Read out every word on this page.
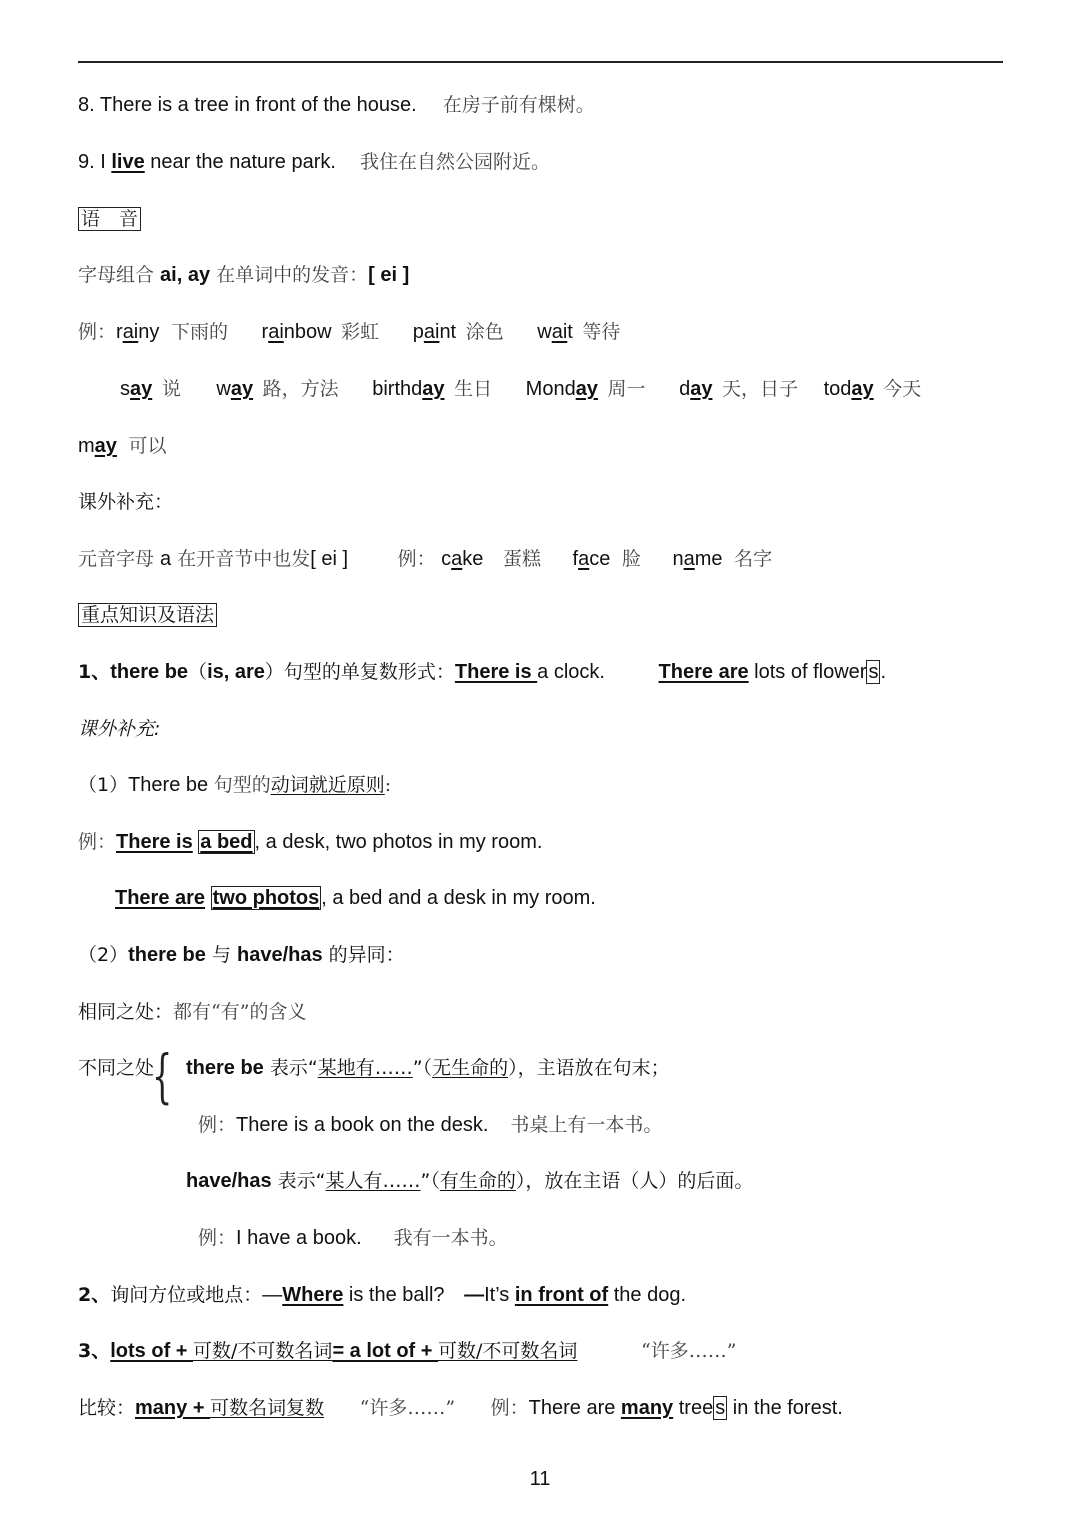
8. There is a tree in front of the house. 在房子前有棵树。
9. I live near the nature park. 我住在自然公园附近。
语　音
字母组合 ai, ay 在单词中的发音：[ ei ]
例：rainy 下雨的 rainbow 彩虹 paint 涂色 wait 等待
say 说 way 路，方法 birthday 生日 Monday 周一 day 天，日子 today 今天
may 可以
课外补充：
元音字母 a 在开音节中也发[ ei ]	例： cake 蛋糕 face 脸 name 名字
重点知识及语法
1、there be（is, are）句型的单复数形式：There is a clock.	There are lots of flower s .
课外补充:
（1）There be 句型的动词就近原则:
例：There is a bed , a desk, two photos in my room.
There are two photos , a bed and a desk in my room.
（2）there be 与 have/has 的异同：
相同之处：都有“有”的含义
不同之处
{ there be 表示“某地有……”（无生命的），主语放在句末；
例：There is a book on the desk. 书桌上有一本书。
have/has 表示“某人有……”（有生命的），放在主语（人）的后面。
例：I have a book. 我有一本书。
2、询问方位或地点：—Where is the ball? —It’s in front of the dog.
3、lots of + 可数/不可数名词= a lot of + 可数/不可数名词	“许多……”
比较：many + 可数名词复数 “许多……” 例：There are many tree s in the forest.
11
